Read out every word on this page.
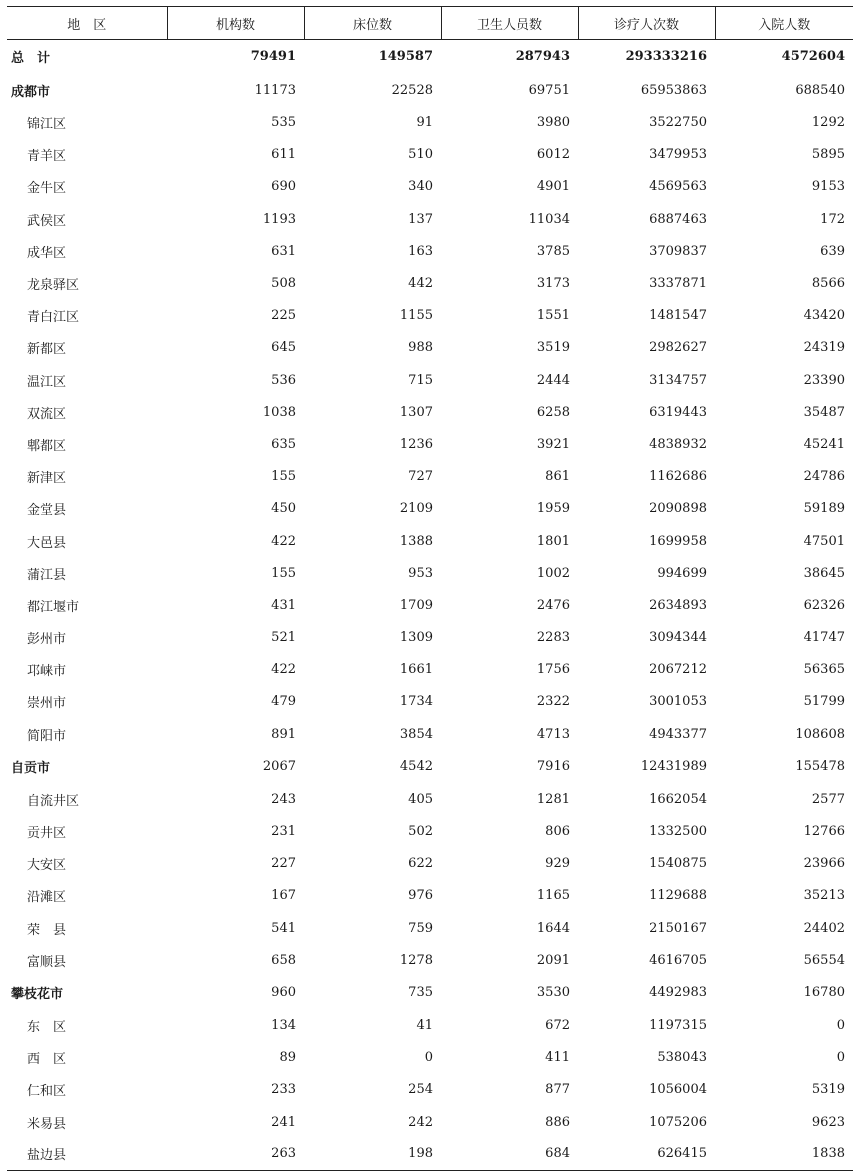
地　区	机构数	床位数	卫生人员数	诊疗人次数	入院人数
总　计	79491	149587	287943	293333216	4572604
成都市	11173	22528	69751	65953863	688540
锦江区	535	91	3980	3522750	1292
青羊区	611	510	6012	3479953	5895
金牛区	690	340	4901	4569563	9153
武侯区	1193	137	11034	6887463	172
成华区	631	163	3785	3709837	639
龙泉驿区	508	442	3173	3337871	8566
青白江区	225	1155	1551	1481547	43420
新都区	645	988	3519	2982627	24319
温江区	536	715	2444	3134757	23390
双流区	1038	1307	6258	6319443	35487
郫都区	635	1236	3921	4838932	45241
新津区	155	727	861	1162686	24786
金堂县	450	2109	1959	2090898	59189
大邑县	422	1388	1801	1699958	47501
蒲江县	155	953	1002	994699	38645
都江堰市	431	1709	2476	2634893	62326
彭州市	521	1309	2283	3094344	41747
邛崃市	422	1661	1756	2067212	56365
崇州市	479	1734	2322	3001053	51799
简阳市	891	3854	4713	4943377	108608
自贡市	2067	4542	7916	12431989	155478
自流井区	243	405	1281	1662054	2577
贡井区	231	502	806	1332500	12766
大安区	227	622	929	1540875	23966
沿滩区	167	976	1165	1129688	35213
荣　县	541	759	1644	2150167	24402
富顺县	658	1278	2091	4616705	56554
攀枝花市	960	735	3530	4492983	16780
东　区	134	41	672	1197315	0
西　区	89	0	411	538043	0
仁和区	233	254	877	1056004	5319
米易县	241	242	886	1075206	9623
盐边县	263	198	684	626415	1838
